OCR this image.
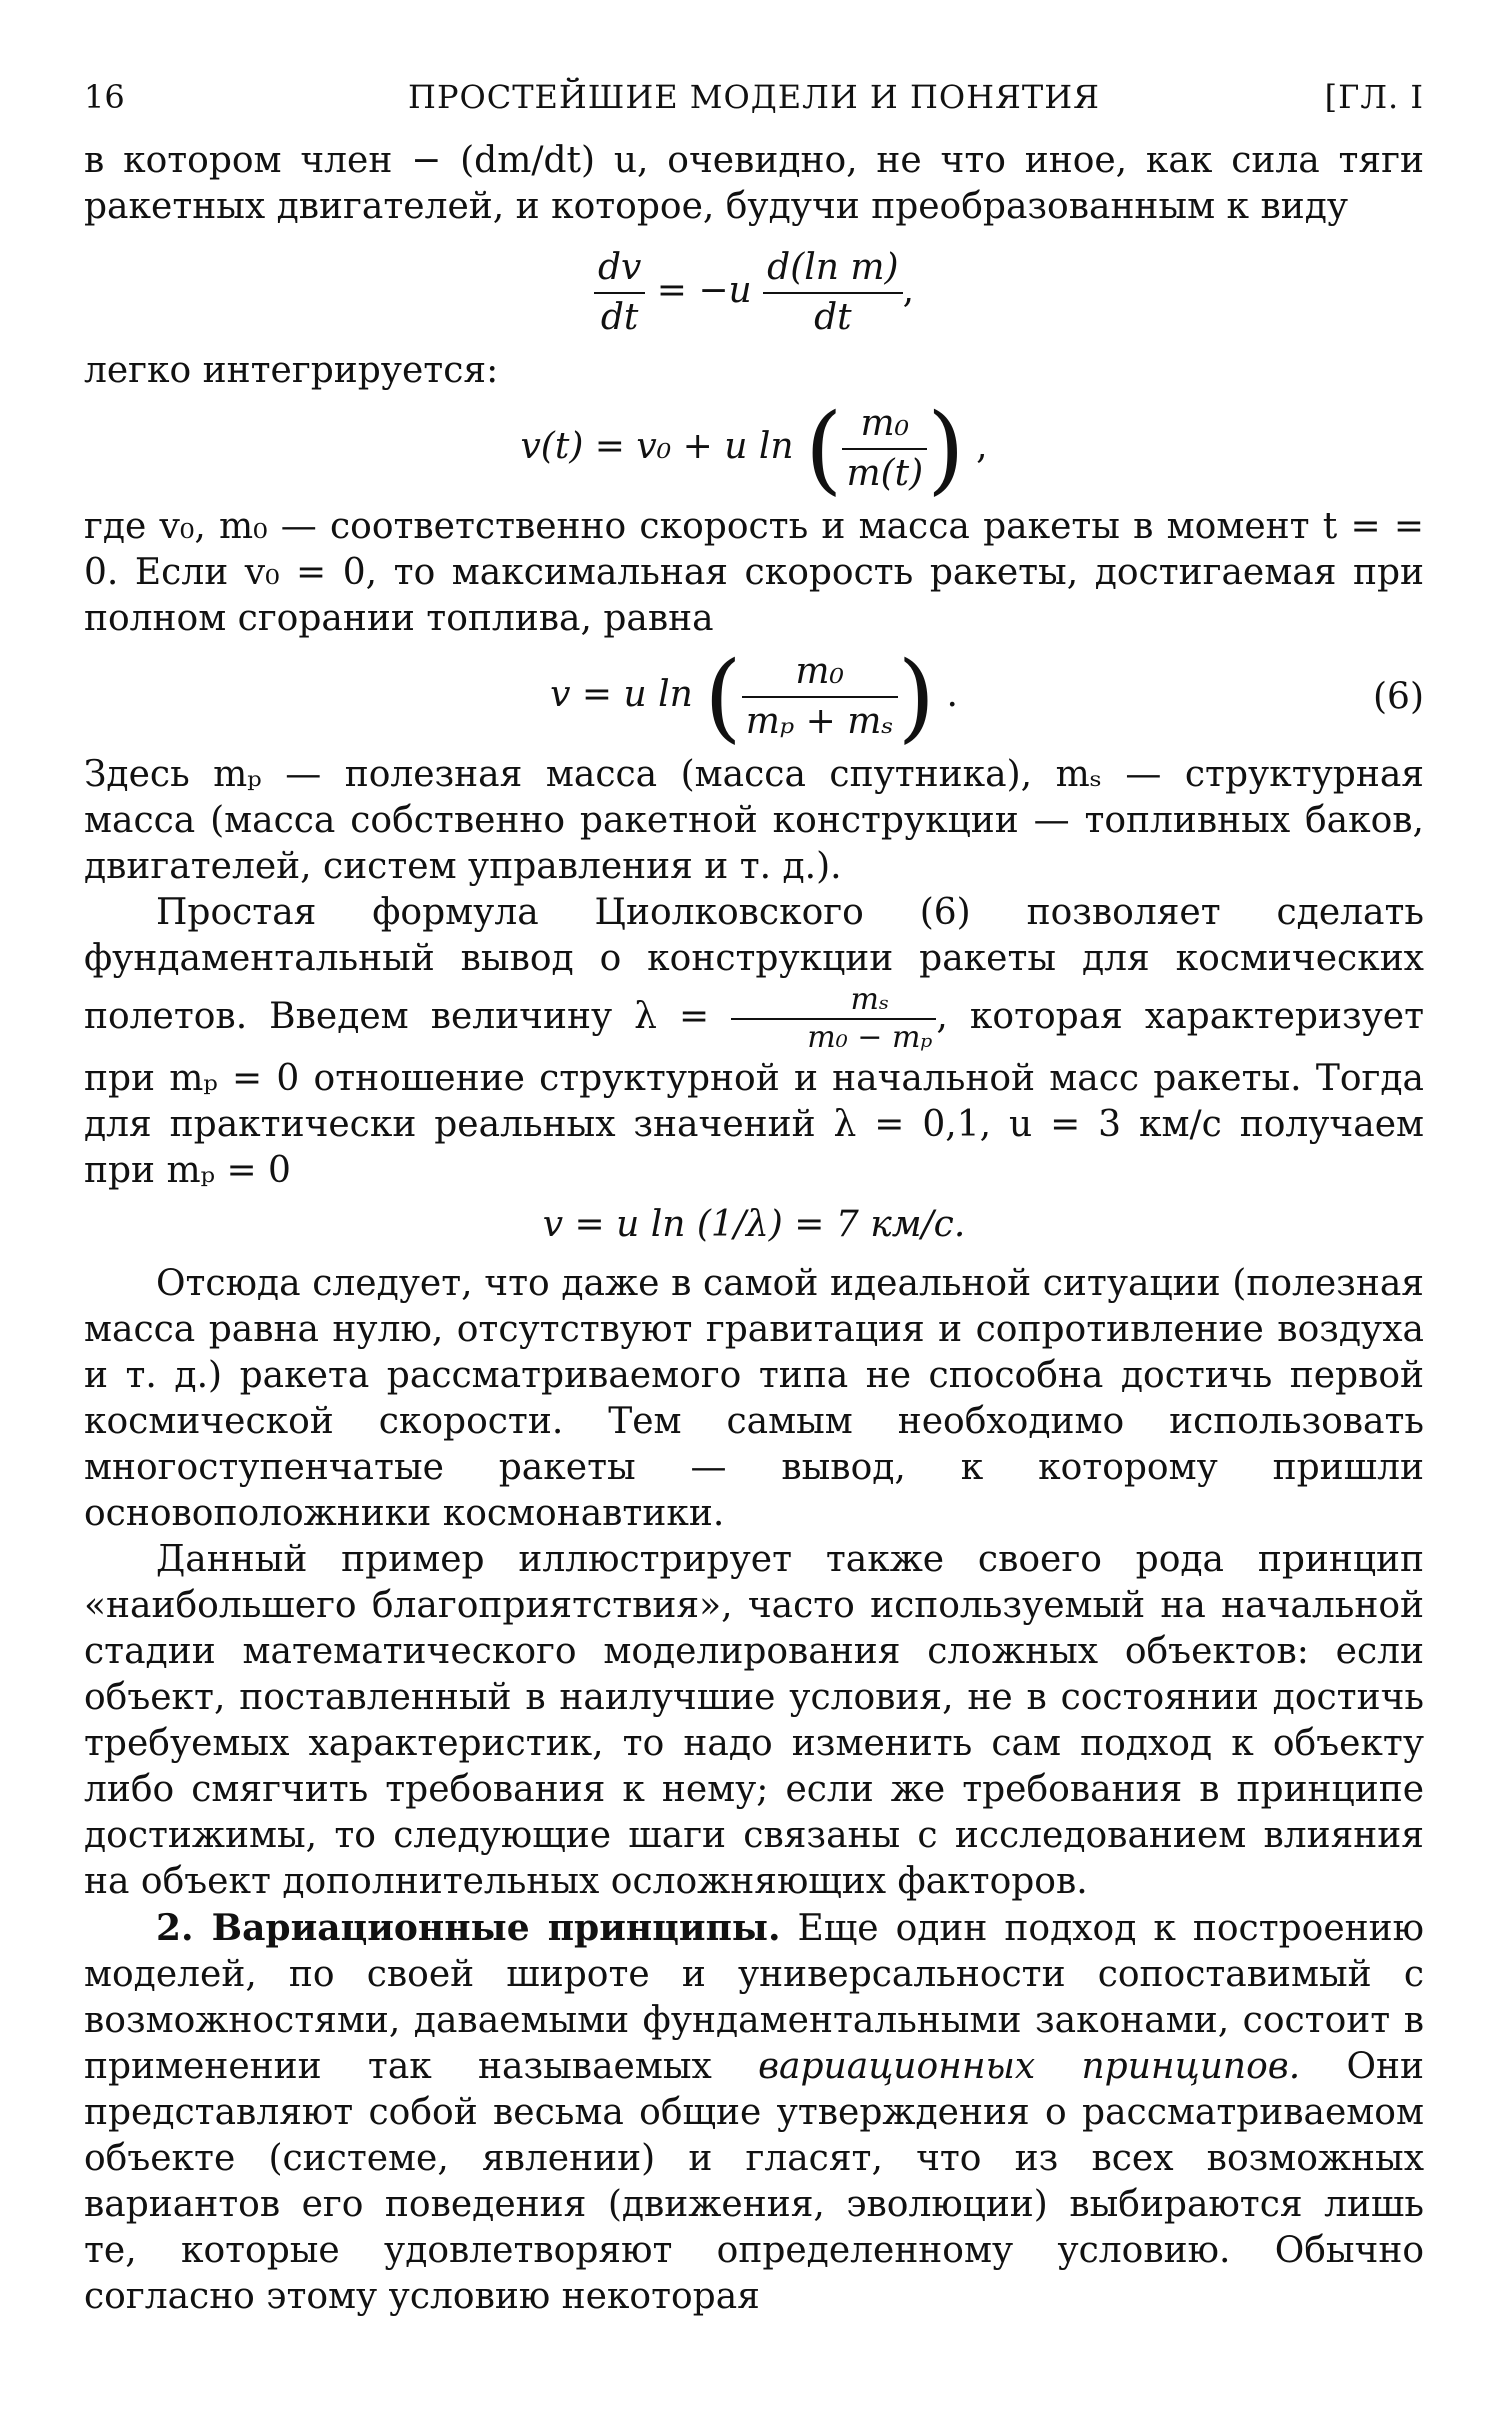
16	ПРОСТЕЙШИЕ МОДЕЛИ И ПОНЯТИЯ	[ГЛ. I

в котором член − (dm/dt) u, очевидно, не что иное, как сила тяги ракетных двигателей, и которое, будучи преобразованным к виду

$\frac{dv}{dt} = -u \frac{\text{d(ln m)}}{dt}$ ,

легко интегрируется:

v(t) = v₀ + u ln ( $\frac{\text{m₀}}{m(t)}$ ) ,

где v₀, m₀ — соответственно скорость и масса ракеты в момент t = = 0. Если v₀ = 0, то максимальная скорость ракеты, достигаемая при полном сгорании топлива, равна

v = u ln ( $\frac{\text{m₀}}{\text{mₚ + mₛ}}$ ) .	(6)

Здесь mₚ — полезная масса (масса спутника), mₛ — структурная масса (масса собственно ракетной конструкции — топливных баков, двигателей, систем управления и т. д.).

Простая формула Циолковского (6) позволяет сделать фундаментальный вывод о конструкции ракеты для космических полетов. Введем величину $\lambda = \frac{\text{mₛ}}{\text{m₀ − mₚ}}$ , которая характеризует при mₚ = 0 отношение структурной и начальной масс ракеты. Тогда для практически реальных значений λ = 0,1, u = 3 км/с получаем при mₚ = 0

v = u ln (1/λ) = 7 км/с.

Отсюда следует, что даже в самой идеальной ситуации (полезная масса равна нулю, отсутствуют гравитация и сопротивление воздуха и т. д.) ракета рассматриваемого типа не способна достичь первой космической скорости. Тем самым необходимо использовать многоступенчатые ракеты — вывод, к которому пришли основоположники космонавтики.

Данный пример иллюстрирует также своего рода принцип «наибольшего благоприятствия», часто используемый на начальной стадии математического моделирования сложных объектов: если объект, поставленный в наилучшие условия, не в состоянии достичь требуемых характеристик, то надо изменить сам подход к объекту либо смягчить требования к нему; если же требования в принципе достижимы, то следующие шаги связаны с исследованием влияния на объект дополнительных осложняющих факторов.

2. Вариационные принципы. Еще один подход к построению моделей, по своей широте и универсальности сопоставимый с возможностями, даваемыми фундаментальными законами, состоит в применении так называемых вариационных принципов. Они представляют собой весьма общие утверждения о рассматриваемом объекте (системе, явлении) и гласят, что из всех возможных вариантов его поведения (движения, эволюции) выбираются лишь те, которые удовлетворяют определенному условию. Обычно согласно этому условию некоторая
